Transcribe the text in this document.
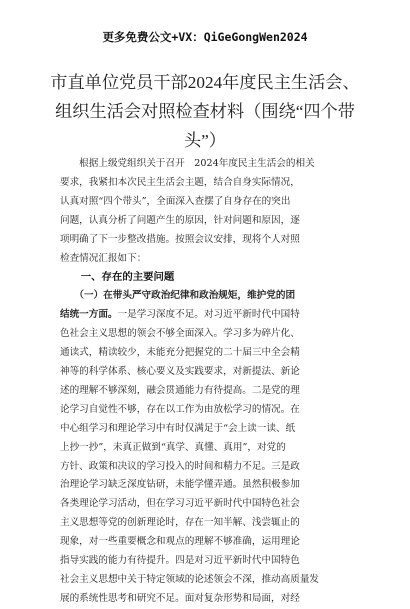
更多免费公文+VX：QiGeGongWen2024
市直单位党员干部2024年度民主生活会、
组织生活会对照检查材料（围绕“四个带
头”）

　　根据上级党组织关于召开　2024年度民主生活会的相关

要求，我紧扣本次民主生活会主题，结合自身实际情况，

认真对照“四个带头”，全面深入查摆了自身存在的突出

问题，认真分析了问题产生的原因，针对问题和原因，逐

项明确了下一步整改措施。按照会议安排，现将个人对照

检查情况汇报如下：

　　一、存在的主要问题

　　（一）在带头严守政治纪律和政治规矩，维护党的团

结统一方面。一是学习深度不足。对习近平新时代中国特

色社会主义思想的领会不够全面深入。学习多为碎片化、

通读式，精读较少，未能充分把握党的二十届三中全会精

神等的科学体系、核心要义及实践要求，对新提法、新论

述的理解不够深刻，融会贯通能力有待提高。二是党的理

论学习自觉性不够，存在以工作为由放松学习的情况。在

中心组学习和理论学习中有时仅满足于“会上读一读、纸

上抄一抄”，未真正做到“真学、真懂、真用”，对党的

方针、政策和决议的学习投入的时间和精力不足。三是政

治理论学习缺乏深度钻研，未能学懂弄通。虽然积极参加

各类理论学习活动，但在学习习近平新时代中国特色社会

主义思想等党的创新理论时，存在一知半解、浅尝辄止的

现象，对一些重要概念和观点的理解不够准确，运用理论

指导实践的能力有待提升。四是对习近平新时代中国特色

社会主义思想中关于特定领域的论述领会不深，推动高质量发

展的系统性思考和研究不足。面对复杂形势和局面，对经
